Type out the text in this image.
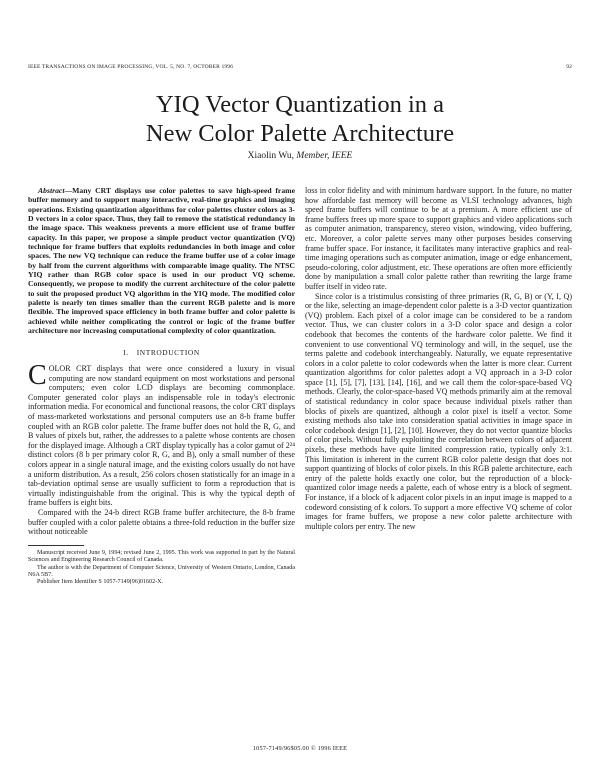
IEEE TRANSACTIONS ON IMAGE PROCESSING, VOL. 5, NO. 7, OCTOBER 1996	92
YIQ Vector Quantization in a
New Color Palette Architecture
Xiaolin Wu, Member, IEEE

Abstract—Many CRT displays use color palettes to save high-speed frame buffer memory and to support many interactive, real-time graphics and imaging operations. Existing quantization algorithms for color palettes cluster colors as 3-D vectors in a color space. Thus, they fail to remove the statistical redundancy in the image space. This weakness prevents a more efficient use of frame buffer capacity. In this paper, we propose a simple product vector quantization (VQ) technique for frame buffers that exploits redundancies in both image and color spaces. The new VQ technique can reduce the frame buffer use of a color image by half from the current algorithms with comparable image quality. The NTSC YIQ rather than RGB color space is used in our product VQ scheme. Consequently, we propose to modify the current architecture of the color palette to suit the proposed product VQ algorithm in the YIQ mode. The modified color palette is nearly ten times smaller than the current RGB palette and is more flexible. The improved space efficiency in both frame buffer and color palette is achieved while neither complicating the control or logic of the frame buffer architecture nor increasing computational complexity of color quantization.

I. INTRODUCTION

COLOR CRT displays that were once considered a luxury in visual computing are now standard equipment on most workstations and personal computers; even color LCD displays are becoming commonplace. Computer generated color plays an indispensable role in today's electronic information media. For economical and functional reasons, the color CRT displays of mass-marketed workstations and personal computers use an 8-b frame buffer coupled with an RGB color palette. The frame buffer does not hold the R, G, and B values of pixels but, rather, the addresses to a palette whose contents are chosen for the displayed image. Although a CRT display typically has a color gamut of 2²⁴ distinct colors (8 b per primary color R, G, and B), only a small number of these colors appear in a single natural image, and the existing colors usually do not have a uniform distribution. As a result, 256 colors chosen statistically for an image in a tab-deviation optimal sense are usually sufficient to form a reproduction that is virtually indistinguishable from the original. This is why the typical depth of frame buffers is eight bits.

Compared with the 24-b direct RGB frame buffer architecture, the 8-b frame buffer coupled with a color palette obtains a three-fold reduction in the buffer size without noticeable

Manuscript received June 9, 1994; revised June 2, 1995. This work was supported in part by the Natural Sciences and Engineering Research Council of Canada.

The author is with the Department of Computer Science, University of Western Ontario, London, Canada N6A 5B7.

Publisher Item Identifier S 1057-7149(96)01602-X.

loss in color fidelity and with minimum hardware support. In the future, no matter how affordable fast memory will become as VLSI technology advances, high speed frame buffers will continue to be at a premium. A more efficient use of frame buffers frees up more space to support graphics and video applications such as computer animation, transparency, stereo vision, windowing, video buffering, etc. Moreover, a color palette serves many other purposes besides conserving frame buffer space. For instance, it facilitates many interactive graphics and real-time imaging operations such as computer animation, image or edge enhancement, pseudo-coloring, color adjustment, etc. These operations are often more efficiently done by manipulation a small color palette rather than rewriting the large frame buffer itself in video rate.

Since color is a tristimulus consisting of three primaries (R, G, B) or (Y, I, Q) or the like, selecting an image-dependent color palette is a 3-D vector quantization (VQ) problem. Each pixel of a color image can be considered to be a random vector. Thus, we can cluster colors in a 3-D color space and design a color codebook that becomes the contents of the hardware color palette. We find it convenient to use conventional VQ terminology and will, in the sequel, use the terms palette and codebook interchangeably. Naturally, we equate representative colors in a color palette to color codewords when the latter is more clear. Current quantization algorithms for color palettes adopt a VQ approach in a 3-D color space [1], [5], [7], [13], [14], [16], and we call them the color-space-based VQ methods. Clearly, the color-space-based VQ methods primarily aim at the removal of statistical redundancy in color space because individual pixels rather than blocks of pixels are quantized, although a color pixel is itself a vector. Some existing methods also take into consideration spatial activities in image space in color codebook design [1], [2], [10]. However, they do not vector quantize blocks of color pixels. Without fully exploiting the correlation between colors of adjacent pixels, these methods have quite limited compression ratio, typically only 3:1. This limitation is inherent in the current RGB color palette design that does not support quantizing of blocks of color pixels. In this RGB palette architecture, each entry of the palette holds exactly one color, but the reproduction of a block-quantized color image needs a palette, each of whose entry is a block of segment. For instance, if a block of k adjacent color pixels in an input image is mapped to a codeword consisting of k colors. To support a more effective VQ scheme of color images for frame buffers, we propose a new color palette architecture with multiple colors per entry. The new

1057-7149/96$05.00 © 1996 IEEE
